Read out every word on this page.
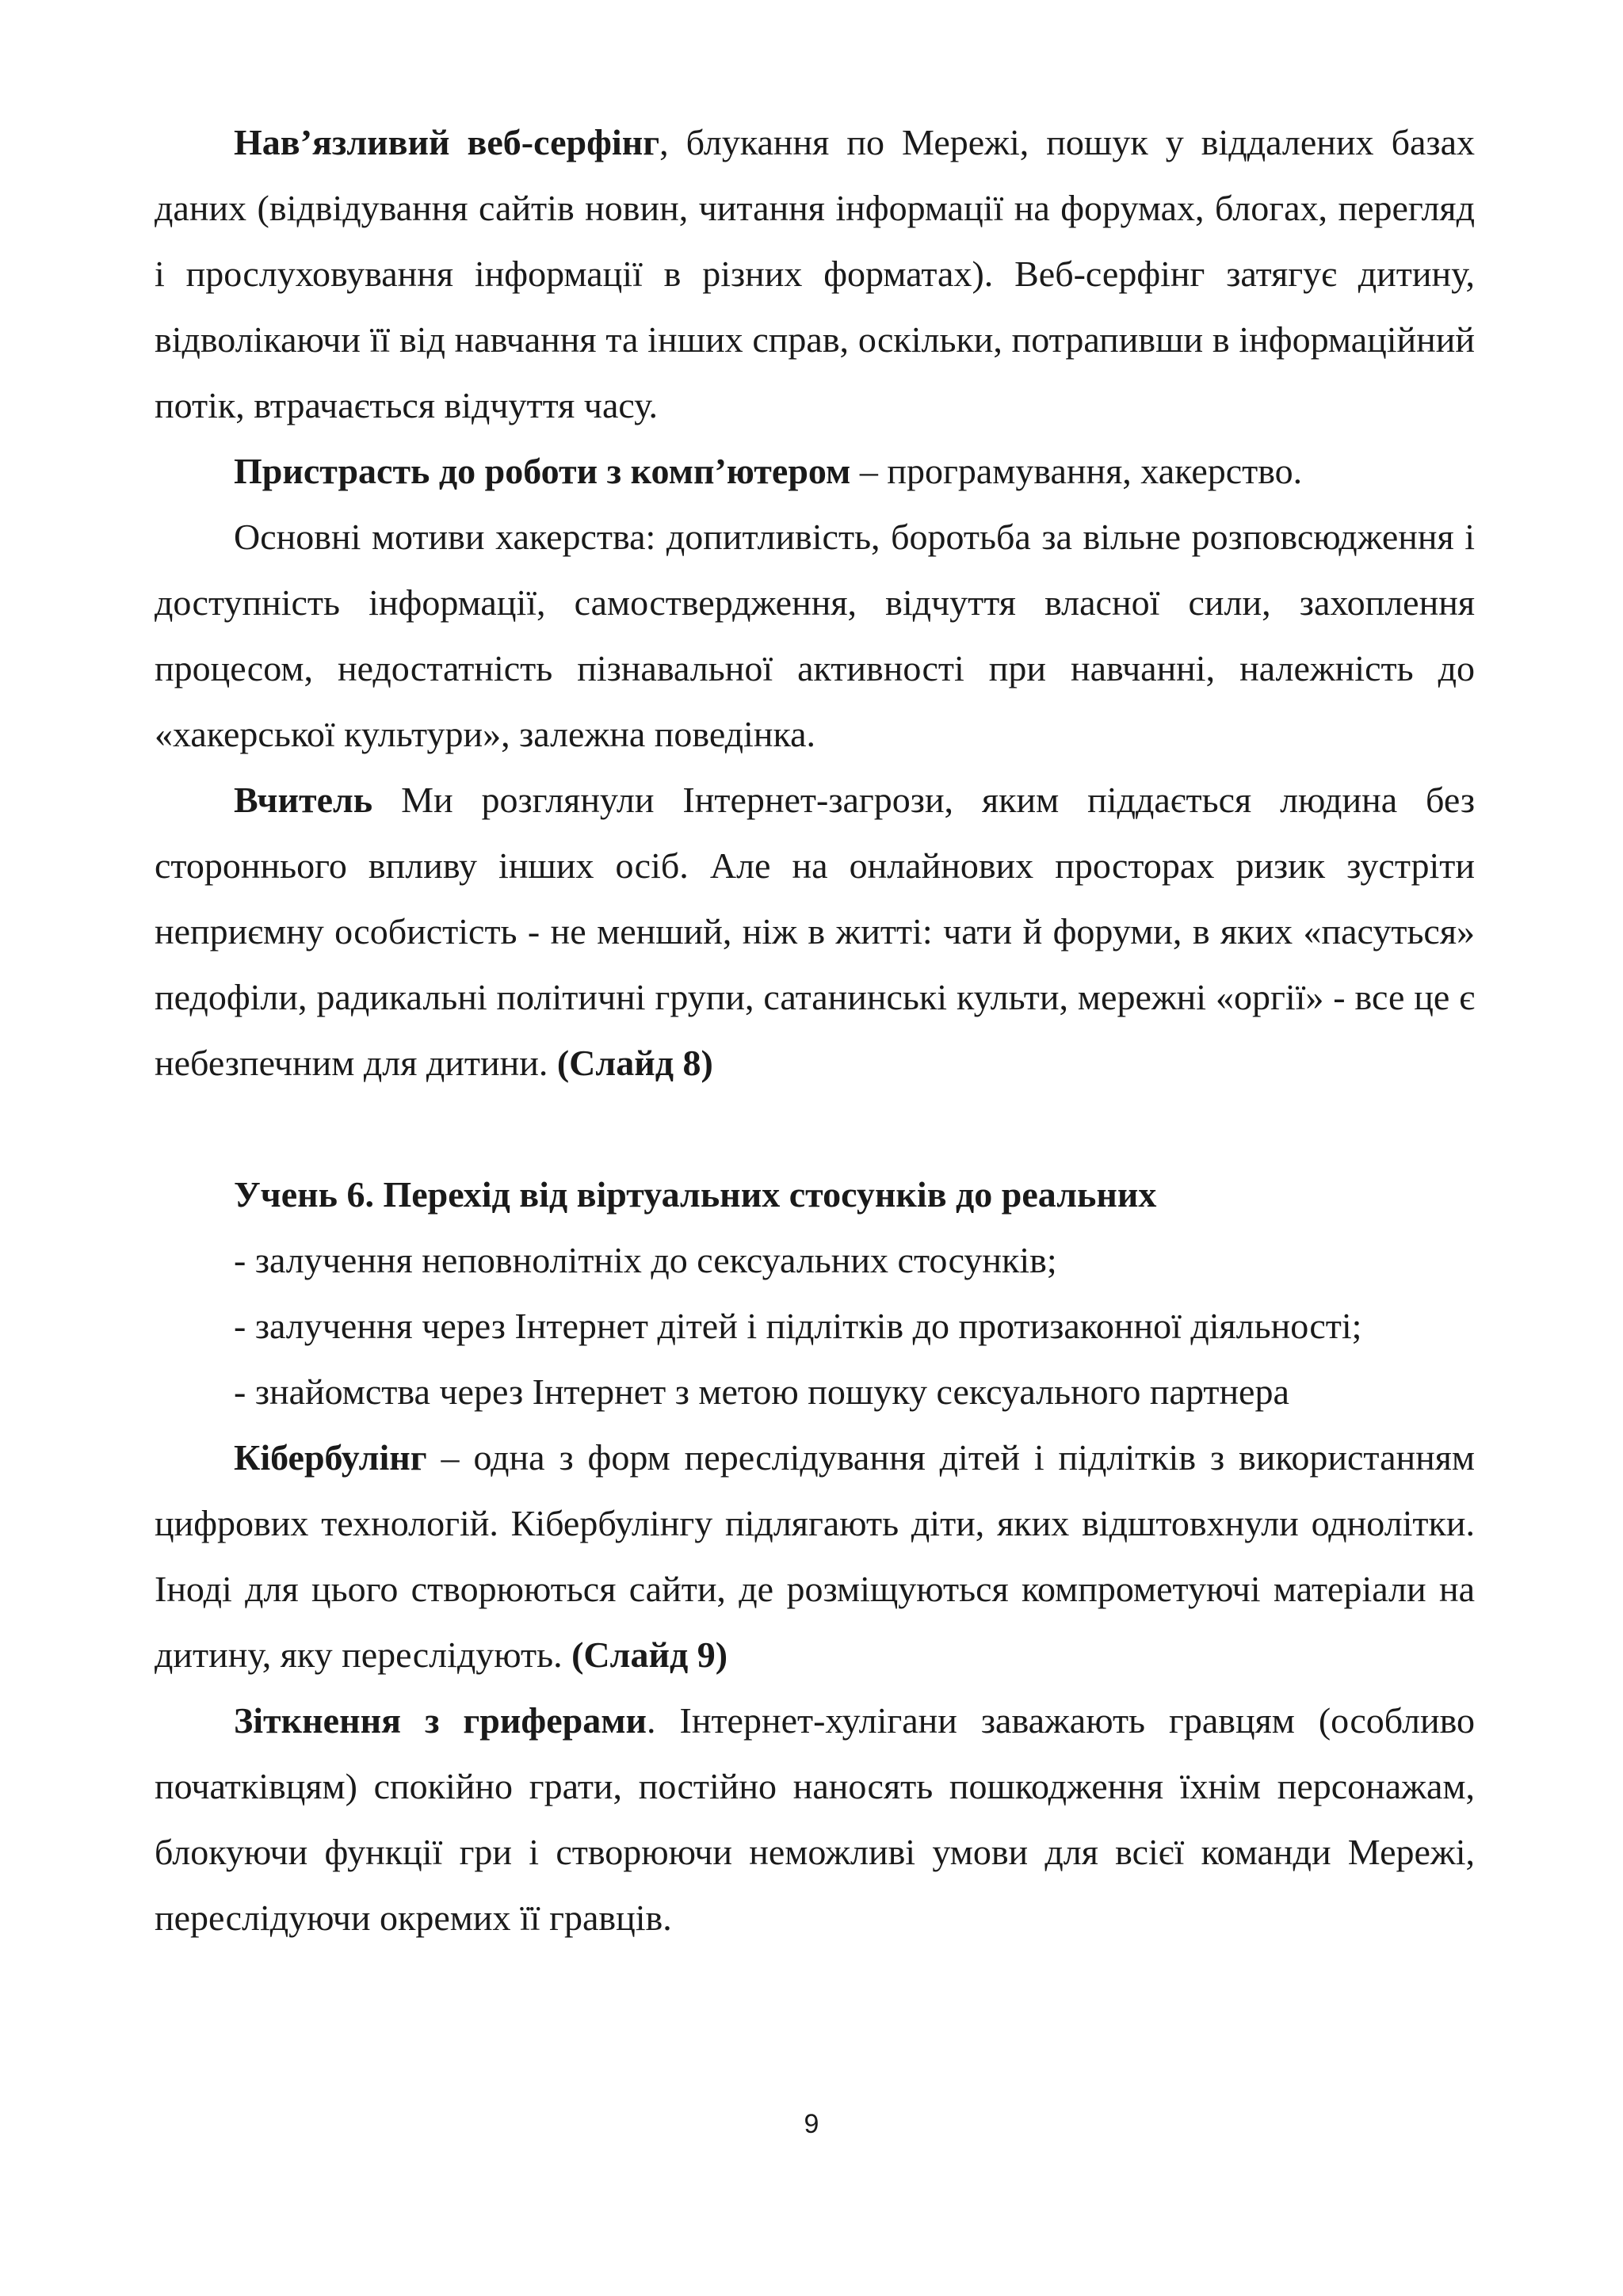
Нав’язливий веб-серфінг, блукання по Мережі, пошук у віддалених базах даних (відвідування сайтів новин, читання інформації на форумах, блогах, перегляд і прослуховування інформації в різних форматах). Веб-серфінг затягує дитину, відволікаючи її від навчання та інших справ, оскільки, потрапивши в інформаційний потік, втрачається відчуття часу.

Пристрасть до роботи з комп’ютером – програмування, хакерство.

Основні мотиви хакерства: допитливість, боротьба за вільне розповсюдження і доступність інформації, самоствердження, відчуття власної сили, захоплення процесом, недостатність пізнавальної активності при навчанні, належність до «хакерської культури», залежна поведінка.

Вчитель Ми розглянули Інтернет-загрози, яким піддається людина без стороннього впливу інших осіб. Але на онлайнових просторах ризик зустріти неприємну особистість - не менший, ніж в житті: чати й форуми, в яких «пасуться» педофіли, радикальні політичні групи, сатанинські культи, мережні «оргії» - все це є небезпечним для дитини. (Слайд 8)

Учень 6. Перехід від віртуальних стосунків до реальних

- залучення неповнолітніх до сексуальних стосунків;

- залучення через Інтернет дітей і підлітків до протизаконної діяльності;

- знайомства через Інтернет з метою пошуку сексуального партнера

Кібербулінг – одна з форм переслідування дітей і підлітків з використанням цифрових технологій. Кібербулінгу підлягають діти, яких відштовхнули однолітки. Іноді для цього створюються сайти, де розміщуються компрометуючі матеріали на дитину, яку переслідують. (Слайд 9)

Зіткнення з гриферами. Інтернет-хулігани заважають гравцям (особливо початківцям) спокійно грати, постійно наносять пошкодження їхнім персонажам, блокуючи функції гри і створюючи неможливі умови для всієї команди Мережі, переслідуючи окремих її гравців.

9
